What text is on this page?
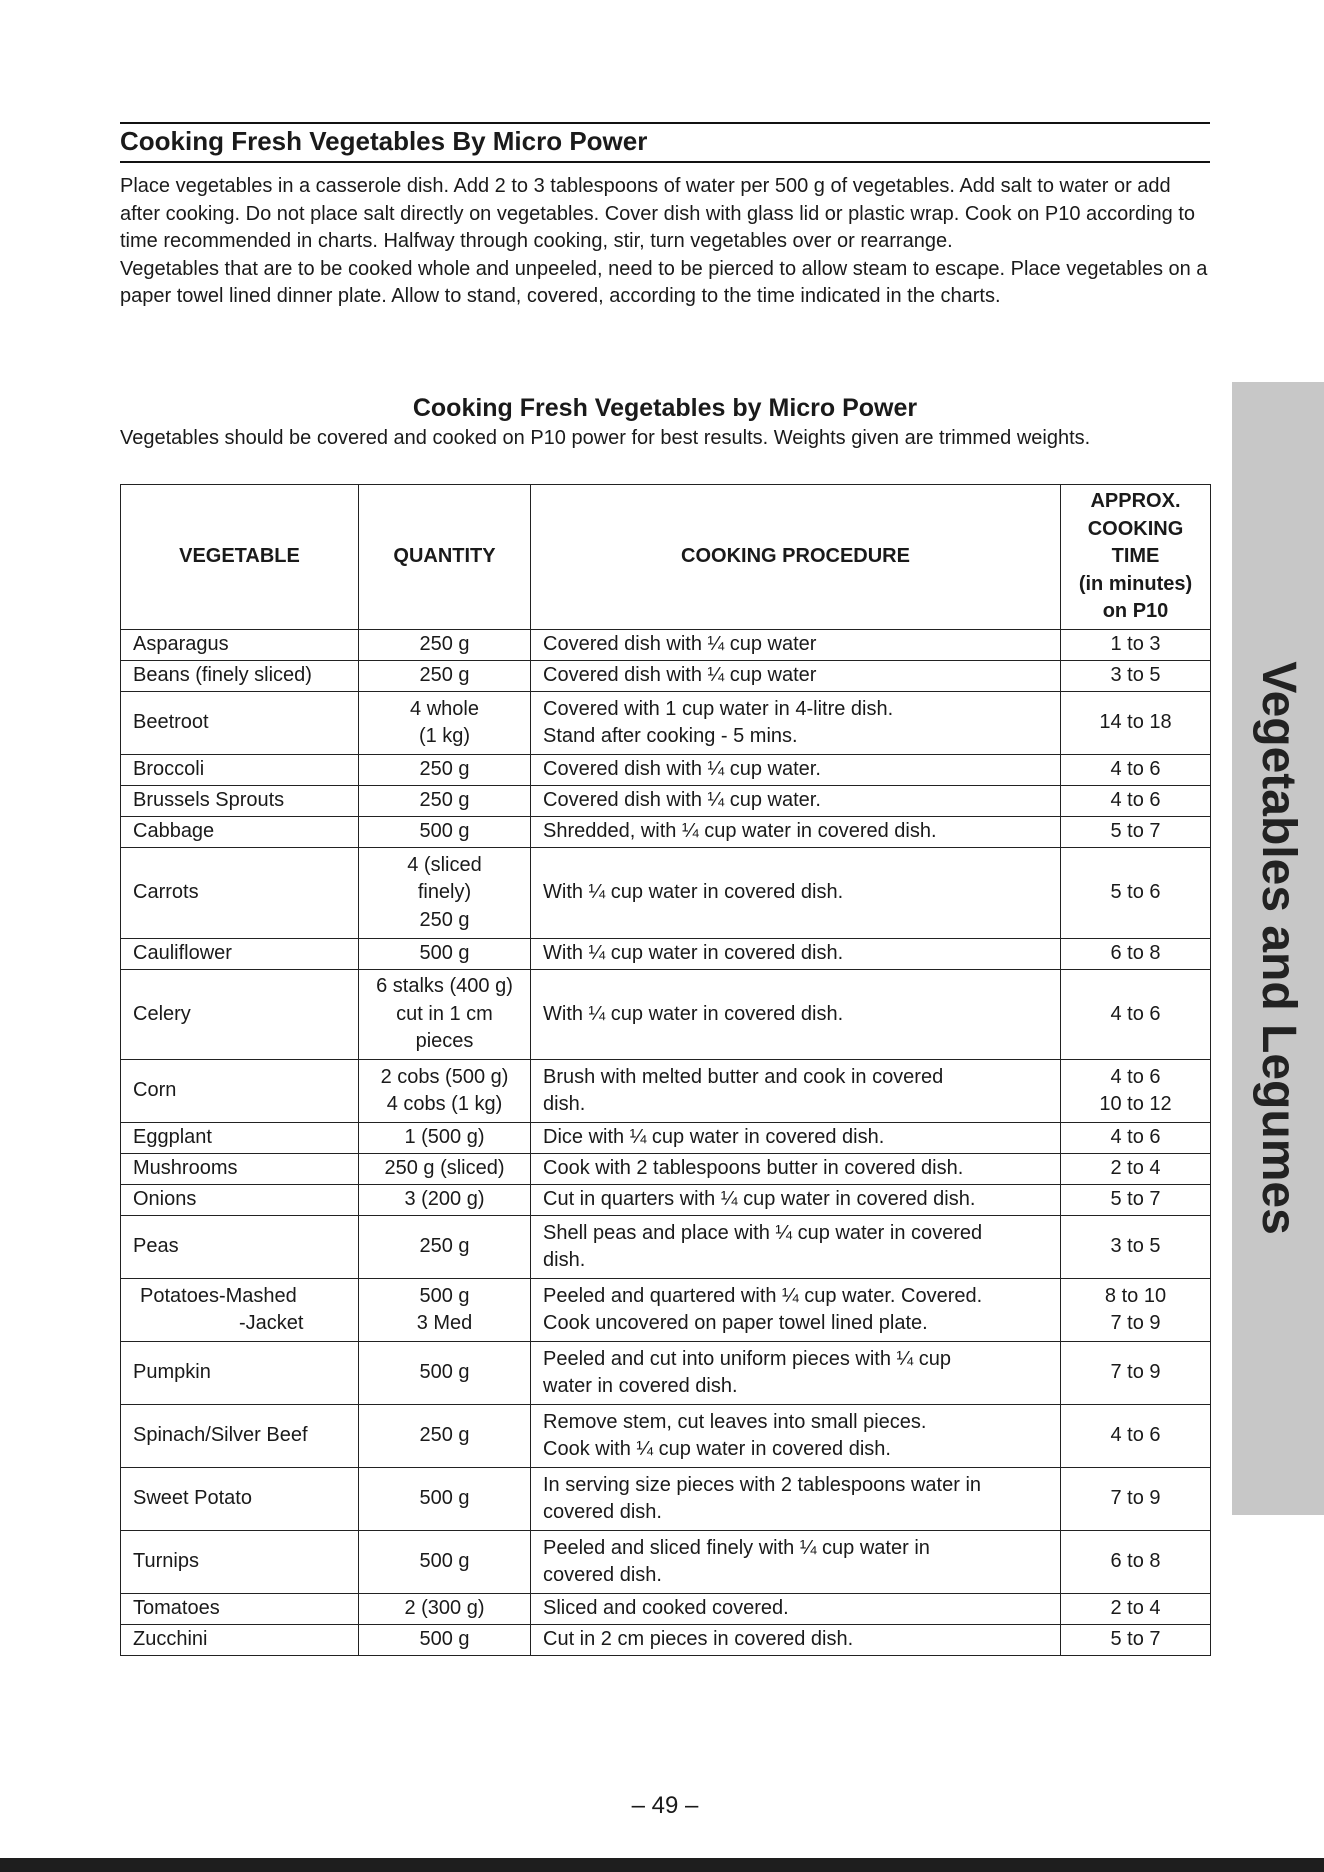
Cooking Fresh Vegetables By Micro Power

Place vegetables in a casserole dish. Add 2 to 3 tablespoons of water per 500 g of vegetables. Add salt to water or add after cooking. Do not place salt directly on vegetables. Cover dish with glass lid or plastic wrap. Cook on P10 according to time recommended in charts. Halfway through cooking, stir, turn vegetables over or rearrange.

Vegetables that are to be cooked whole and unpeeled, need to be pierced to allow steam to escape. Place vegetables on a paper towel lined dinner plate. Allow to stand, covered, according to the time indicated in the charts.

Cooking Fresh Vegetables by Micro Power

Vegetables should be covered and cooked on P10 power for best results. Weights given are trimmed weights.

VEGETABLE	QUANTITY	COOKING PROCEDURE	APPROX.
COOKING
TIME
(in minutes)
on P10

Asparagus	250 g	Covered dish with ¼ cup water	1 to 3
Beans (finely sliced)	250 g	Covered dish with ¼ cup water	3 to 5
Beetroot	4 whole
(1 kg)	Covered with 1 cup water in 4-litre dish.
Stand after cooking - 5 mins.	14 to 18
Broccoli	250 g	Covered dish with ¼ cup water.	4 to 6
Brussels Sprouts	250 g	Covered dish with ¼ cup water.	4 to 6
Cabbage	500 g	Shredded, with ¼ cup water in covered dish.	5 to 7
Carrots	4 (sliced
finely)
250 g	With ¼ cup water in covered dish.	5 to 6
Cauliflower	500 g	With ¼ cup water in covered dish.	6 to 8
Celery	6 stalks (400 g)
cut in 1 cm
pieces	With ¼ cup water in covered dish.	4 to 6
Corn	2 cobs (500 g)
4 cobs (1 kg)	Brush with melted butter and cook in covered
dish.	4 to 6
10 to 12

Eggplant	1 (500 g)	Dice with ¼ cup water in covered dish.	4 to 6
Mushrooms	250 g (sliced)	Cook with 2 tablespoons butter in covered dish.	2 to 4
Onions	3 (200 g)	Cut in quarters with ¼ cup water in covered dish.	5 to 7
Peas	250 g	Shell peas and place with ¼ cup water in covered
dish.	3 to 5

Potatoes-Mashed
-Jacket	500 g
3 Med	Peeled and quartered with ¼ cup water. Covered.
Cook uncovered on paper towel lined plate.	8 to 10
7 to 9

Pumpkin	500 g	Peeled and cut into uniform pieces with ¼ cup
water in covered dish.	7 to 9
Spinach/Silver Beef	250 g	Remove stem, cut leaves into small pieces.
Cook with ¼ cup water in covered dish.	4 to 6
Sweet Potato	500 g	In serving size pieces with 2 tablespoons water in
covered dish.	7 to 9
Turnips	500 g	Peeled and sliced finely with ¼ cup water in
covered dish.	6 to 8
Tomatoes	2 (300 g)	Sliced and cooked covered.	2 to 4
Zucchini	500 g	Cut in 2 cm pieces in covered dish.	5 to 7

– 49 –

Vegetables and Legumes
